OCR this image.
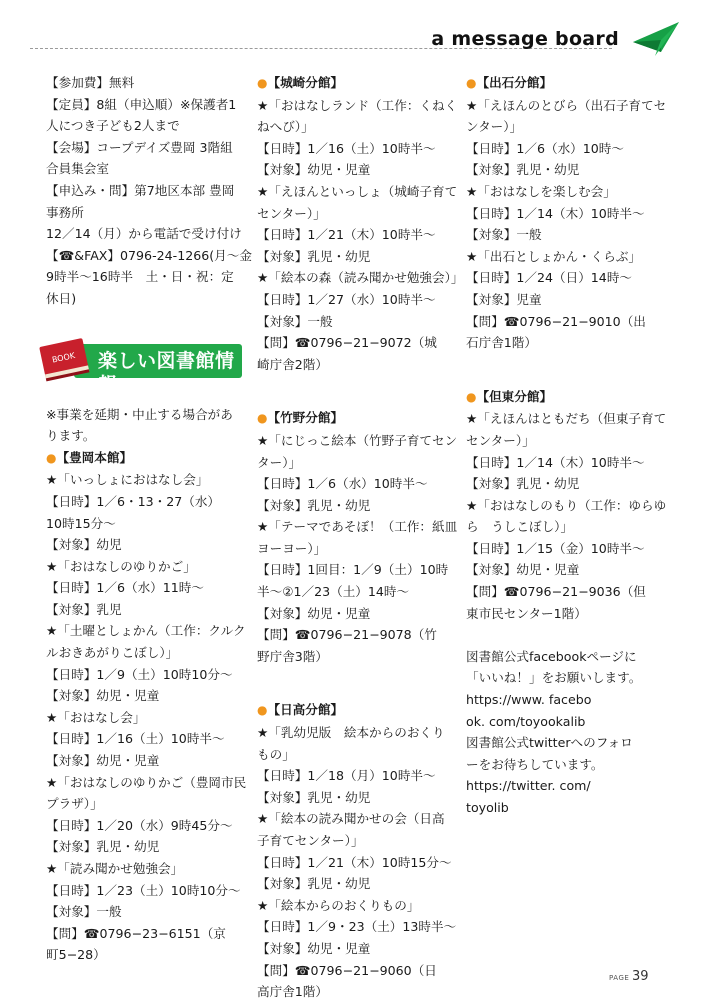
a message board
【参加費】無料
【定員】8組（申込順）※保護者1
人につき子ども2人まで
【会場】コープデイズ豊岡 3階組
合員集会室
【申込み・問】第7地区本部 豊岡
事務所
12／14（月）から電話で受け付け
【☎&FAX】0796-24-1266(月〜金
9時半〜16時半　土・日・祝：定
休日)
BOOK 楽しい図書館情報
※事業を延期・中止する場合があ
ります。
●【豊岡本館】
★「いっしょにおはなし会」
【日時】1／6・13・27（水）
10時15分〜
【対象】幼児
★「おはなしのゆりかご」
【日時】1／6（水）11時〜
【対象】乳児
★「土曜としょかん（工作：クルク
ルおきあがりこぼし）」
【日時】1／9（土）10時10分〜
【対象】幼児・児童
★「おはなし会」
【日時】1／16（土）10時半〜
【対象】幼児・児童
★「おはなしのゆりかご（豊岡市民
プラザ）」
【日時】1／20（水）9時45分〜
【対象】乳児・幼児
★「読み聞かせ勉強会」
【日時】1／23（土）10時10分〜
【対象】一般
【問】☎0796−23−6151（京
町5−28）
●【城崎分館】
★「おはなしランド（工作：くねく
ねへび）」
【日時】1／16（土）10時半〜
【対象】幼児・児童
★「えほんといっしょ（城崎子育て
センター）」
【日時】1／21（木）10時半〜
【対象】乳児・幼児
★「絵本の森（読み聞かせ勉強会）」
【日時】1／27（水）10時半〜
【対象】一般
【問】☎0796−21−9072（城
崎庁舎2階）
●【竹野分館】
★「にじっこ絵本（竹野子育てセン
ター）」
【日時】1／6（水）10時半〜
【対象】乳児・幼児
★「テーマであそぼ！（工作：紙皿
ヨーヨー）」
【日時】1回目：1／9（土）10時
半〜②1／23（土）14時〜
【対象】幼児・児童
【問】☎0796−21−9078（竹
野庁舎3階）
●【日高分館】
★「乳幼児版　絵本からのおくり
もの」
【日時】1／18（月）10時半〜
【対象】乳児・幼児
★「絵本の読み聞かせの会（日高
子育てセンター）」
【日時】1／21（木）10時15分〜
【対象】乳児・幼児
★「絵本からのおくりもの」
【日時】1／9・23（土）13時半〜
【対象】幼児・児童
【問】☎0796−21−9060（日
高庁舎1階）
●【出石分館】
★「えほんのとびら（出石子育てセ
ンター）」
【日時】1／6（水）10時〜
【対象】乳児・幼児
★「おはなしを楽しむ会」
【日時】1／14（木）10時半〜
【対象】一般
★「出石としょかん・くらぶ」
【日時】1／24（日）14時〜
【対象】児童
【問】☎0796−21−9010（出
石庁舎1階）
●【但東分館】
★「えほんはともだち（但東子育て
センター）」
【日時】1／14（木）10時半〜
【対象】乳児・幼児
★「おはなしのもり（工作：ゆらゆ
ら　うしこぼし）」
【日時】1／15（金）10時半〜
【対象】幼児・児童
【問】☎0796−21−9036（但
東市民センター1階）
図書館公式facebookページに
「いいね！」をお願いします。
https://www. facebo
ok. com/toyookalib
図書館公式twitterへのフォロ
ーをお待ちしています。
https://twitter. com/
toyolib
PAGE 39
